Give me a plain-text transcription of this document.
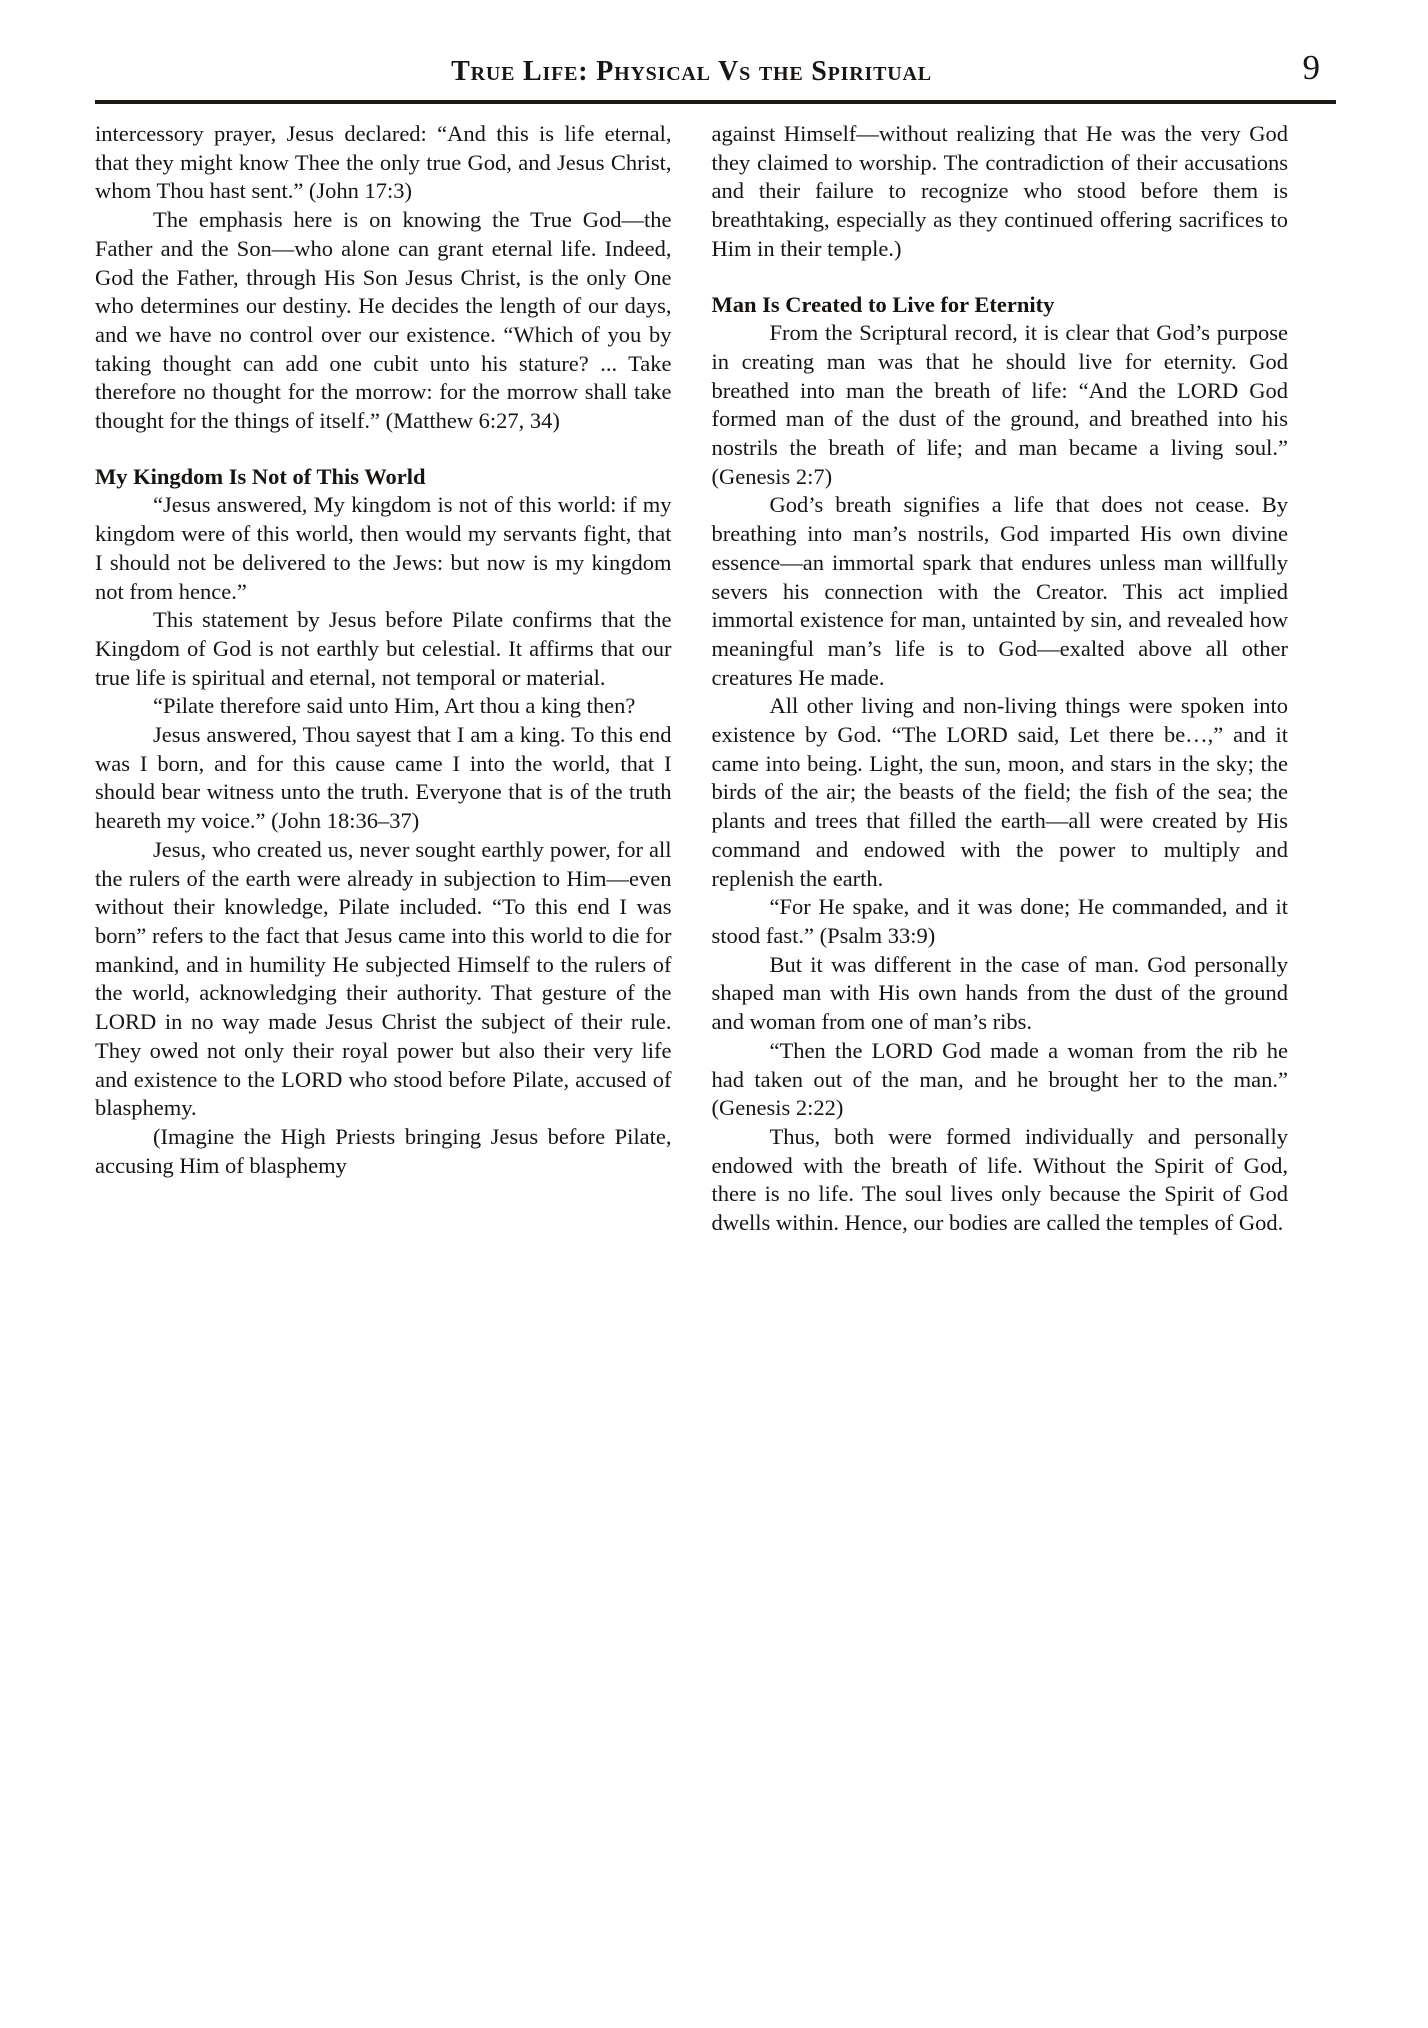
True Life: Physical Vs the Spiritual	9

intercessory prayer, Jesus declared: “And this is life eternal, that they might know Thee the only true God, and Jesus Christ, whom Thou hast sent.” (John 17:3)

The emphasis here is on knowing the True God—the Father and the Son—who alone can grant eternal life. Indeed, God the Father, through His Son Jesus Christ, is the only One who determines our destiny. He decides the length of our days, and we have no control over our existence. “Which of you by taking thought can add one cubit unto his stature? ... Take therefore no thought for the morrow: for the morrow shall take thought for the things of itself.” (Matthew 6:27, 34)

My Kingdom Is Not of This World

“Jesus answered, My kingdom is not of this world: if my kingdom were of this world, then would my servants fight, that I should not be delivered to the Jews: but now is my kingdom not from hence.”

This statement by Jesus before Pilate confirms that the Kingdom of God is not earthly but celestial. It affirms that our true life is spiritual and eternal, not temporal or material.

“Pilate therefore said unto Him, Art thou a king then?

Jesus answered, Thou sayest that I am a king. To this end was I born, and for this cause came I into the world, that I should bear witness unto the truth. Everyone that is of the truth heareth my voice.” (John 18:36–37)

Jesus, who created us, never sought earthly power, for all the rulers of the earth were already in subjection to Him—even without their knowledge, Pilate included. “To this end I was born” refers to the fact that Jesus came into this world to die for mankind, and in humility He subjected Himself to the rulers of the world, acknowledging their authority. That gesture of the LORD in no way made Jesus Christ the subject of their rule. They owed not only their royal power but also their very life and existence to the LORD who stood before Pilate, accused of blasphemy.

(Imagine the High Priests bringing Jesus before Pilate, accusing Him of blasphemy

against Himself—without realizing that He was the very God they claimed to worship. The contradiction of their accusations and their failure to recognize who stood before them is breathtaking, especially as they continued offering sacrifices to Him in their temple.)

Man Is Created to Live for Eternity

From the Scriptural record, it is clear that God’s purpose in creating man was that he should live for eternity. God breathed into man the breath of life: “And the LORD God formed man of the dust of the ground, and breathed into his nostrils the breath of life; and man became a living soul.” (Genesis 2:7)

God’s breath signifies a life that does not cease. By breathing into man’s nostrils, God imparted His own divine essence—an immortal spark that endures unless man willfully severs his connection with the Creator. This act implied immortal existence for man, untainted by sin, and revealed how meaningful man’s life is to God—exalted above all other creatures He made.

All other living and non-living things were spoken into existence by God. “The LORD said, Let there be…,” and it came into being. Light, the sun, moon, and stars in the sky; the birds of the air; the beasts of the field; the fish of the sea; the plants and trees that filled the earth—all were created by His command and endowed with the power to multiply and replenish the earth.

“For He spake, and it was done; He commanded, and it stood fast.” (Psalm 33:9)

But it was different in the case of man. God personally shaped man with His own hands from the dust of the ground and woman from one of man’s ribs.

“Then the LORD God made a woman from the rib he had taken out of the man, and he brought her to the man.” (Genesis 2:22)

Thus, both were formed individually and personally endowed with the breath of life. Without the Spirit of God, there is no life. The soul lives only because the Spirit of God dwells within. Hence, our bodies are called the temples of God.
